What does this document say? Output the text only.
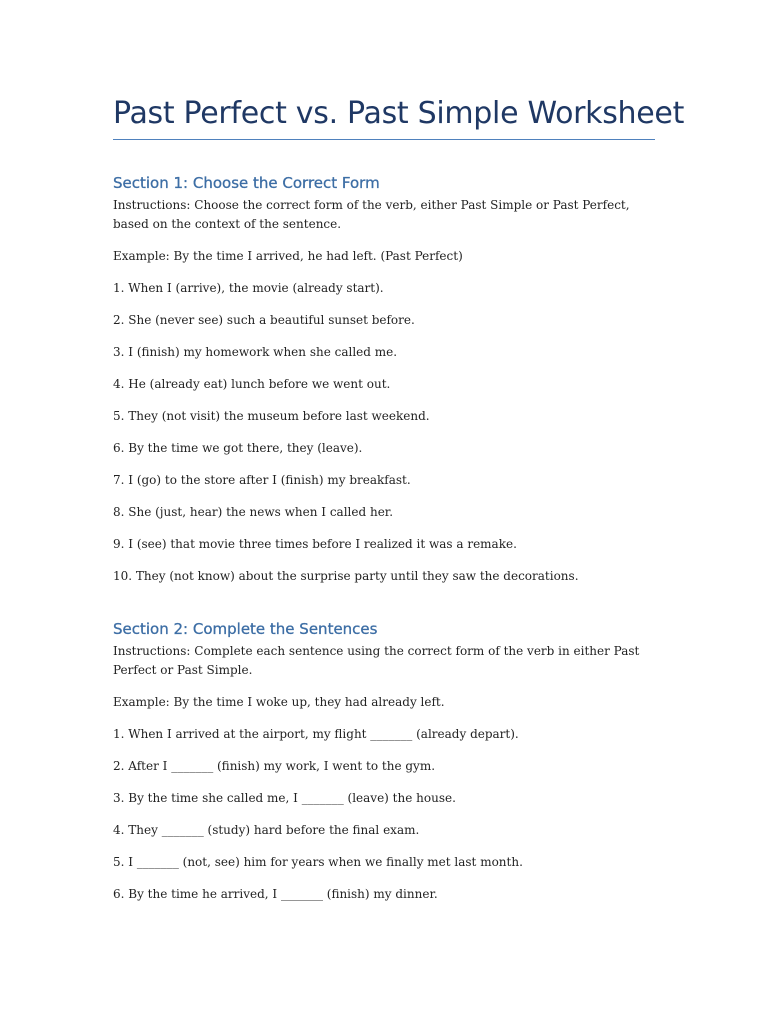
Past Perfect vs. Past Simple Worksheet
Section 1: Choose the Correct Form

Instructions: Choose the correct form of the verb, either Past Simple or Past Perfect, based on the context of the sentence.

Example: By the time I arrived, he had left. (Past Perfect)

1. When I (arrive), the movie (already start).

2. She (never see) such a beautiful sunset before.

3. I (finish) my homework when she called me.

4. He (already eat) lunch before we went out.

5. They (not visit) the museum before last weekend.

6. By the time we got there, they (leave).

7. I (go) to the store after I (finish) my breakfast.

8. She (just, hear) the news when I called her.

9. I (see) that movie three times before I realized it was a remake.

10. They (not know) about the surprise party until they saw the decorations.

Section 2: Complete the Sentences

Instructions: Complete each sentence using the correct form of the verb in either Past Perfect or Past Simple.

Example: By the time I woke up, they had already left.

1. When I arrived at the airport, my flight _______ (already depart).

2. After I _______ (finish) my work, I went to the gym.

3. By the time she called me, I _______ (leave) the house.

4. They _______ (study) hard before the final exam.

5. I _______ (not, see) him for years when we finally met last month.

6. By the time he arrived, I _______ (finish) my dinner.
